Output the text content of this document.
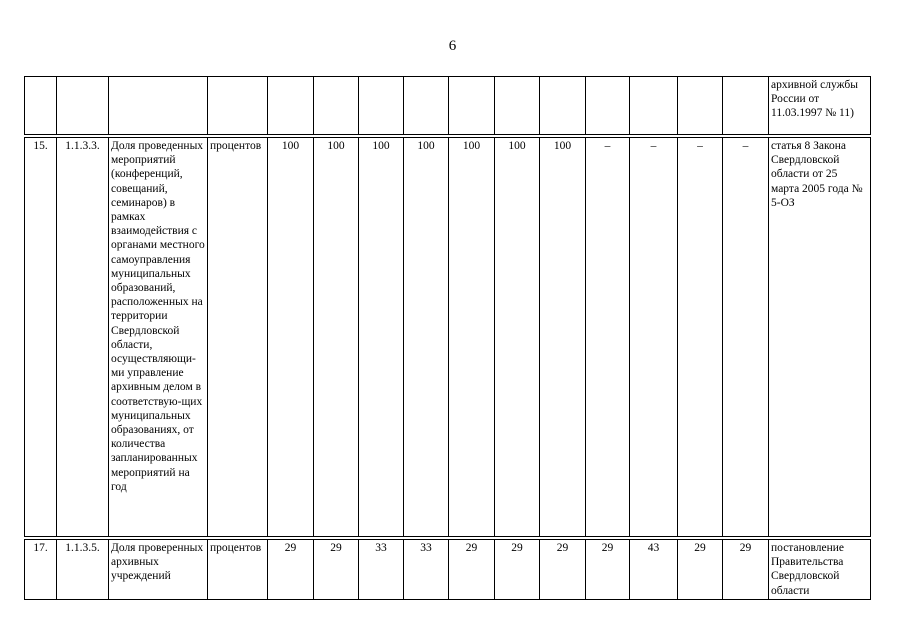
6
															архивной службы России от 11.03.1997 № 11)

15.	1.1.3.3.	Доля проведенных мероприятий (конференций, совещаний, семинаров) в рамках взаимодействия с органами местного самоуправления муниципальных образований, расположенных на территории Свердловской области, осуществляющи-ми управление архивным делом в соответствую-щих муниципальных образованиях, от количества запланированных мероприятий на год	процентов	100	100	100	100	100	100	100	–	–	–	–	статья 8 Закона Свердловской области от 25 марта 2005 года № 5-ОЗ

17.	1.1.3.5.	Доля проверенных архивных учреждений	процентов	29	29	33	33	29	29	29	29	43	29	29	постановление Правительства Свердловской области
